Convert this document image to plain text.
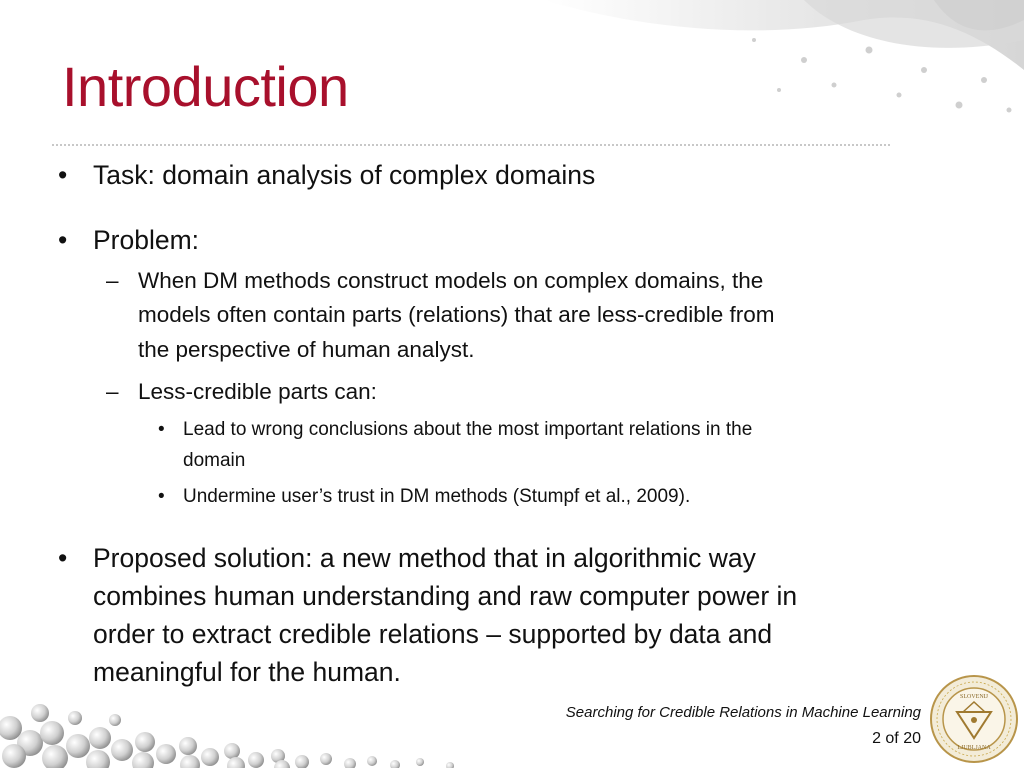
Introduction
• Task: domain analysis of complex domains
• Problem:
– When DM methods construct models on complex domains, the
models often contain parts (relations) that are less-credible from
the perspective of human analyst.
– Less-credible parts can:
• Lead to wrong conclusions about the most important relations in the
domain
• Undermine user’s trust in DM methods (Stumpf et al., 2009).
• Proposed solution: a new method that in algorithmic way
combines human understanding and raw computer power in
order to extract credible relations – supported by data and
meaningful for the human.
Searching for Credible Relations in Machine Learning
2 of 20
SLOVENIJ
LJUBLJANA
